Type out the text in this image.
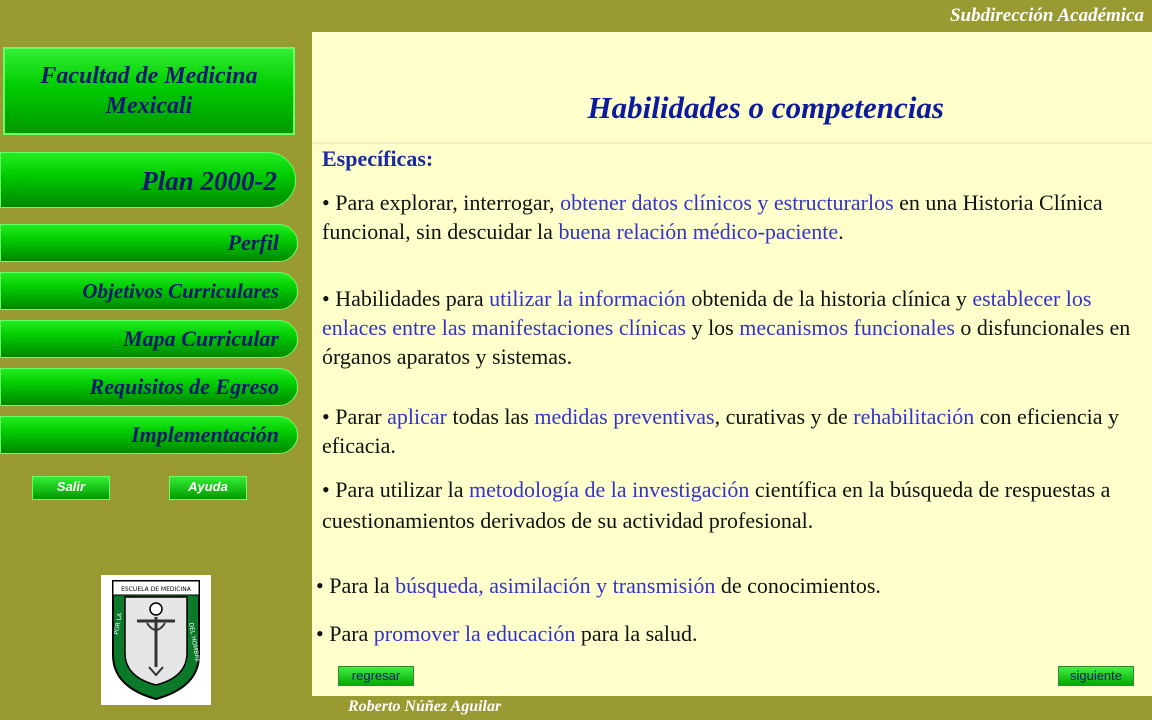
Subdirección Académica
Facultad de Medicina
Mexicali
Plan 2000-2
Perfil
Objetivos Curriculares
Mapa Curricular
Requisitos de Egreso
Implementación
Salir	Ayuda
ESCUELA DE MEDICINA
POR LA	DEL HOMBRE
Habilidades o competencias
Específicas:
• Para explorar, interrogar, obtener datos clínicos y estructurarlos en una Historia Clínica funcional, sin descuidar la buena relación médico-paciente.
• Habilidades para utilizar la información obtenida de la historia clínica y establecer los enlaces entre las manifestaciones clínicas y los mecanismos funcionales o disfuncionales en órganos aparatos y sistemas.
• Parar aplicar todas las medidas preventivas, curativas y de rehabilitación con eficiencia y eficacia.
• Para utilizar la metodología de la investigación científica en la búsqueda de respuestas a cuestionamientos derivados de su actividad profesional.
• Para la búsqueda, asimilación y transmisión de conocimientos.
• Para promover la educación para la salud.
regresar	siguiente
Roberto Núñez Aguilar
